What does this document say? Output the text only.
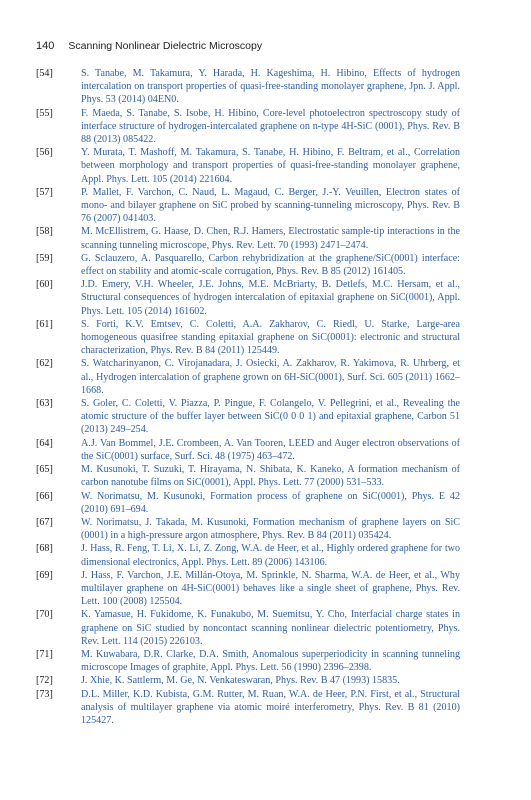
140 Scanning Nonlinear Dielectric Microscopy
[54]	S. Tanabe, M. Takamura, Y. Harada, H. Kageshima, H. Hibino, Effects of hydrogen intercalation on transport properties of quasi-free-standing monolayer graphene, Jpn. J. Appl. Phys. 53 (2014) 04EN0.
[55]	F. Maeda, S. Tanabe, S. Isobe, H. Hibino, Core-level photoelectron spectroscopy study of interface structure of hydrogen-intercalated graphene on n-type 4H-SiC (0001), Phys. Rev. B 88 (2013) 085422.
[56]	Y. Murata, T. Mashoff, M. Takamura, S. Tanabe, H. Hibino, F. Beltram, et al., Correlation between morphology and transport properties of quasi-free-standing monolayer graphene, Appl. Phys. Lett. 105 (2014) 221604.
[57]	P. Mallet, F. Varchon, C. Naud, L. Magaud, C. Berger, J.-Y. Veuillen, Electron states of mono- and bilayer graphene on SiC probed by scanning-tunneling microscopy, Phys. Rev. B 76 (2007) 041403.
[58]	M. McEllistrem, G. Haase, D. Chen, R.J. Hamers, Electrostatic sample-tip interactions in the scanning tunneling microscope, Phys. Rev. Lett. 70 (1993) 2471–2474.
[59]	G. Sclauzero, A. Pasquarello, Carbon rehybridization at the graphene/SiC(0001) interface: effect on stability and atomic-scale corrugation, Phys. Rev. B 85 (2012) 161405.
[60]	J.D. Emery, V.H. Wheeler, J.E. Johns, M.E. McBriarty, B. Detlefs, M.C. Hersam, et al., Structural consequences of hydrogen intercalation of epitaxial graphene on SiC(0001), Appl. Phys. Lett. 105 (2014) 161602.
[61]	S. Forti, K.V. Emtsev, C. Coletti, A.A. Zakharov, C. Riedl, U. Starke, Large-area homogeneous quasifree standing epitaxial graphene on SiC(0001): electronic and structural characterization, Phys. Rev. B 84 (2011) 125449.
[62]	S. Watcharinyanon, C. Virojanadara, J. Osiecki, A. Zakharov, R. Yakimova, R. Uhrberg, et al., Hydrogen intercalation of graphene grown on 6H-SiC(0001), Surf. Sci. 605 (2011) 1662–1668.
[63]	S. Goler, C. Coletti, V. Piazza, P. Pingue, F. Colangelo, V. Pellegrini, et al., Revealing the atomic structure of the buffer layer between SiC(0 0 0 1) and epitaxial graphene, Carbon 51 (2013) 249–254.
[64]	A.J. Van Bommel, J.E. Crombeen, A. Van Tooren, LEED and Auger electron observations of the SiC(0001) surface, Surf. Sci. 48 (1975) 463–472.
[65]	M. Kusunoki, T. Suzuki, T. Hirayama, N. Shibata, K. Kaneko, A formation mechanism of carbon nanotube films on SiC(0001), Appl. Phys. Lett. 77 (2000) 531–533.
[66]	W. Norimatsu, M. Kusunoki, Formation process of graphene on SiC(0001), Phys. E 42 (2010) 691–694.
[67]	W. Norimatsu, J. Takada, M. Kusunoki, Formation mechanism of graphene layers on SiC (0001) in a high-pressure argon atmosphere, Phys. Rev. B 84 (2011) 035424.
[68]	J. Hass, R. Feng, T. Li, X. Li, Z. Zong, W.A. de Heer, et al., Highly ordered graphene for two dimensional electronics, Appl. Phys. Lett. 89 (2006) 143106.
[69]	J. Hass, F. Varchon, J.E. Millán-Otoya, M. Sprinkle, N. Sharma, W.A. de Heer, et al., Why multilayer graphene on 4H-SiC(0001) behaves like a single sheet of graphene, Phys. Rev. Lett. 100 (2008) 125504.
[70]	K. Yamasue, H. Fukidome, K. Funakubo, M. Suemitsu, Y. Cho, Interfacial charge states in graphene on SiC studied by noncontact scanning nonlinear dielectric potentiometry, Phys. Rev. Lett. 114 (2015) 226103.
[71]	M. Kuwabara, D.R. Clarke, D.A. Smith, Anomalous superperiodicity in scanning tunneling microscope Images of graphite, Appl. Phys. Lett. 56 (1990) 2396–2398.
[72]	J. Xhie, K. Sattlerm, M. Ge, N. Venkateswaran, Phys. Rev. B 47 (1993) 15835.
[73]	D.L. Miller, K.D. Kubista, G.M. Rutter, M. Ruan, W.A. de Heer, P.N. First, et al., Structural analysis of multilayer graphene via atomic moiré interferometry, Phys. Rev. B 81 (2010) 125427.
